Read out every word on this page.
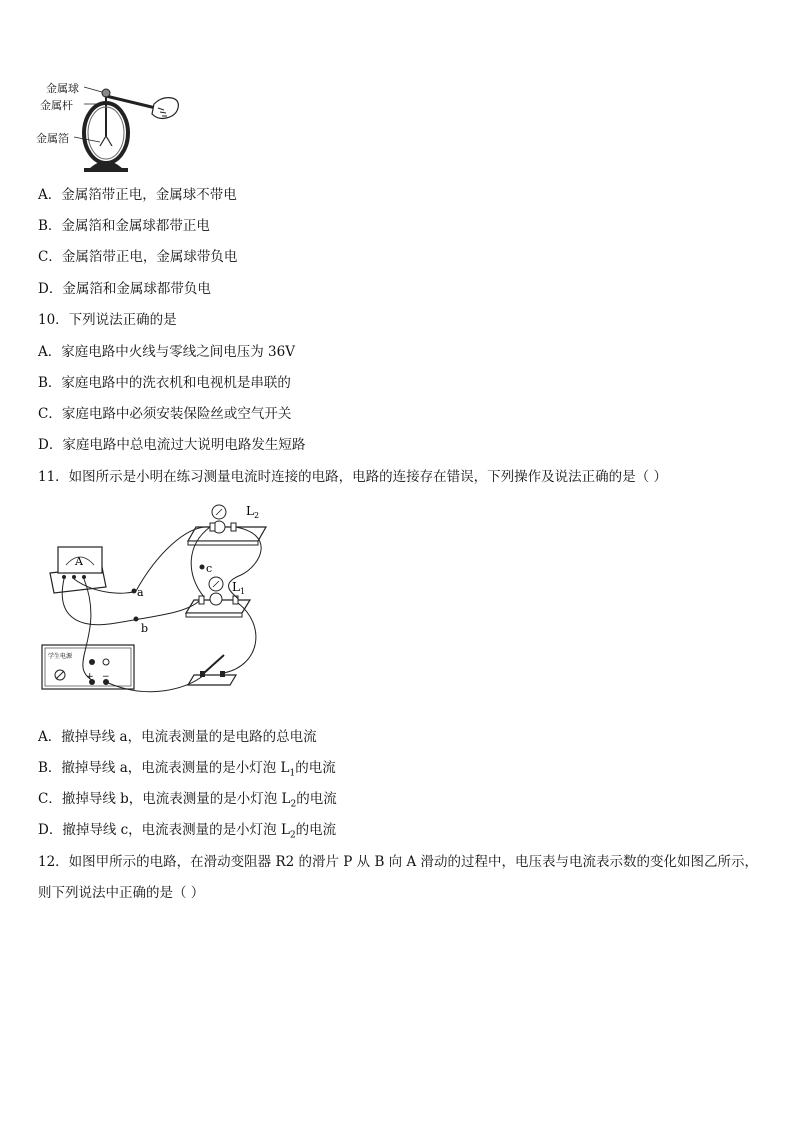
金属球
金属杆
金属箔
A．金属箔带正电，金属球不带电
B．金属箔和金属球都带正电
C．金属箔带正电，金属球带负电
D．金属箔和金属球都带负电
10．下列说法正确的是
A．家庭电路中火线与零线之间电压为 36V
B．家庭电路中的洗衣机和电视机是串联的
C．家庭电路中必须安装保险丝或空气开关
D．家庭电路中总电流过大说明电路发生短路
11．如图所示是小明在练习测量电流时连接的电路，电路的连接存在错误，下列操作及说法正确的是（ ）
$L_2$
$L_1$
a
b
c
A
学生电源
+ −
A．撤掉导线 a，电流表测量的是电路的总电流
B．撤掉导线 a，电流表测量的是小灯泡 $L_1$的电流
C．撤掉导线 b，电流表测量的是小灯泡 $L_2$的电流
D．撤掉导线 c，电流表测量的是小灯泡 $L_2$的电流
12．如图甲所示的电路，在滑动变阻器 R2 的滑片 P 从 B 向 A 滑动的过程中，电压表与电流表示数的变化如图乙所示，
则下列说法中正确的是（ ）
